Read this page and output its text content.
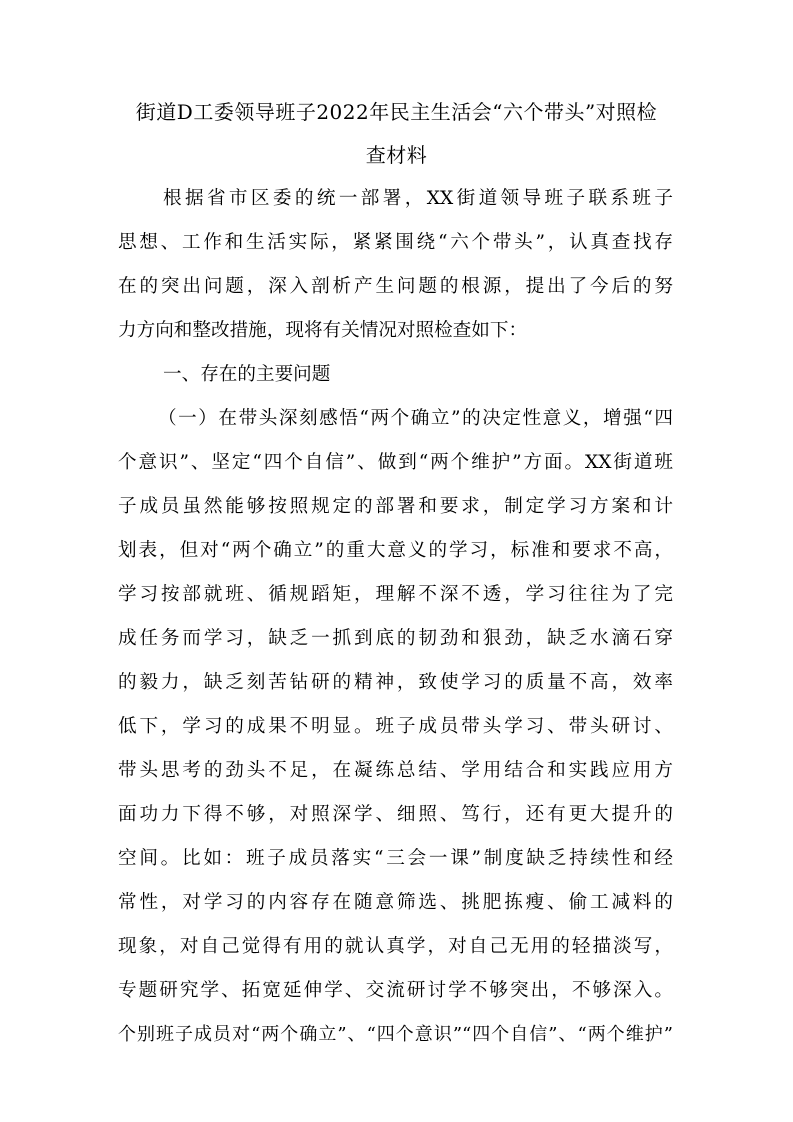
街道D工委领导班子2022年民主生活会“六个带头”对照检
查材料
根据省市区委的统一部署，XX街道领导班子联系班子
思想、工作和生活实际，紧紧围绕“六个带头”，认真查找存
在的突出问题，深入剖析产生问题的根源，提出了今后的努
力方向和整改措施，现将有关情况对照检查如下：
一、存在的主要问题
（一）在带头深刻感悟“两个确立”的决定性意义，增强“四
个意识”、坚定“四个自信”、做到“两个维护”方面。XX街道班
子成员虽然能够按照规定的部署和要求，制定学习方案和计
划表，但对“两个确立”的重大意义的学习，标准和要求不高，
学习按部就班、循规蹈矩，理解不深不透，学习往往为了完
成任务而学习，缺乏一抓到底的韧劲和狠劲，缺乏水滴石穿
的毅力，缺乏刻苦钻研的精神，致使学习的质量不高，效率
低下，学习的成果不明显。班子成员带头学习、带头研讨、
带头思考的劲头不足，在凝练总结、学用结合和实践应用方
面功力下得不够，对照深学、细照、笃行，还有更大提升的
空间。比如：班子成员落实“三会一课”制度缺乏持续性和经
常性，对学习的内容存在随意筛选、挑肥拣瘦、偷工减料的
现象，对自己觉得有用的就认真学，对自己无用的轻描淡写，
专题研究学、拓宽延伸学、交流研讨学不够突出，不够深入。
个别班子成员对“两个确立”、“四个意识”“四个自信”、“两个维护”
